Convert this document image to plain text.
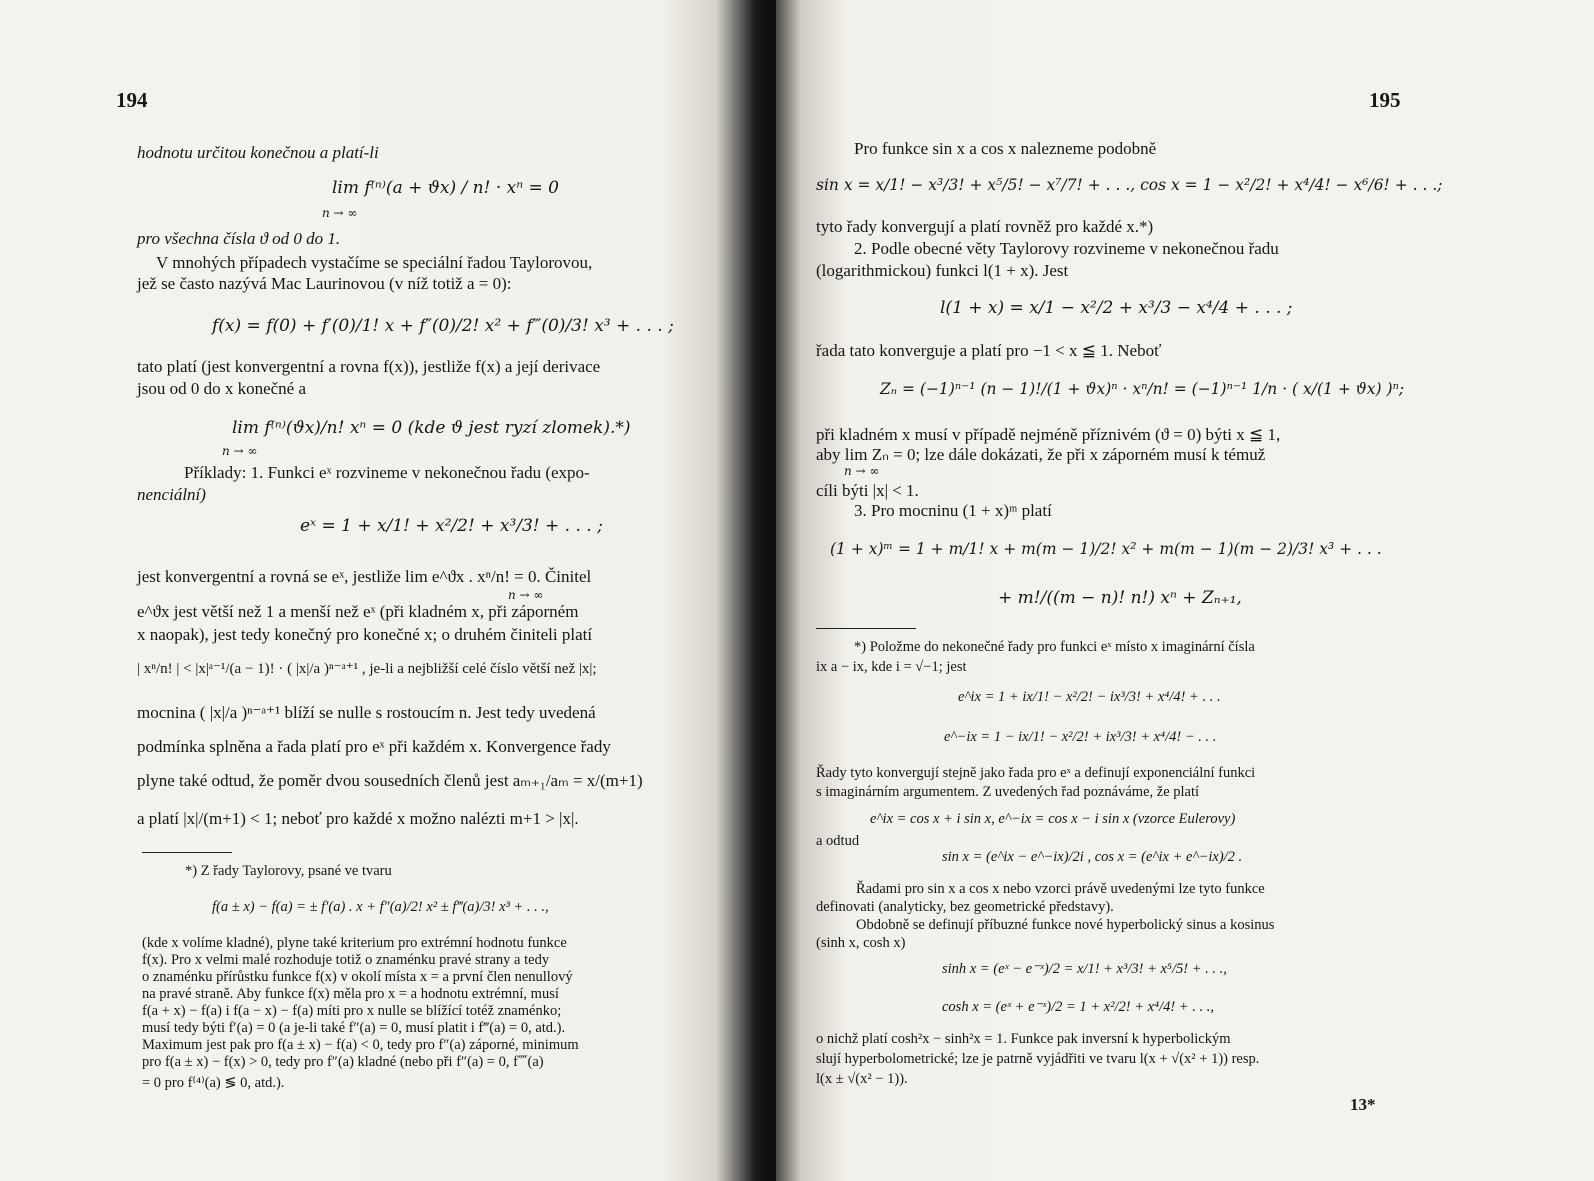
194
hodnotu určitou konečnou a platí-li
lim f⁽ⁿ⁾(a + ϑx) / n! · xⁿ = 0
n → ∞
pro všechna čísla ϑ od 0 do 1.
V mnohých případech vystačíme se speciální řadou Taylorovou,
jež se často nazývá Mac Laurinovou (v níž totiž a = 0):
f(x) = f(0) + f′(0)/1! x + f″(0)/2! x² + f‴(0)/3! x³ + . . . ;
tato platí (jest konvergentní a rovna f(x)), jestliže f(x) a její derivace
jsou od 0 do x konečné a
lim f⁽ⁿ⁾(ϑx)/n! xⁿ = 0 (kde ϑ jest ryzí zlomek).*)
n → ∞
Příklady: 1. Funkci eˣ rozvineme v nekonečnou řadu (expo-
nenciální)
eˣ = 1 + x/1! + x²/2! + x³/3! + . . . ;
jest konvergentní a rovná se eˣ, jestliže lim e^ϑx . xⁿ/n! = 0. Činitel
n → ∞
e^ϑx jest větší než 1 a menší než eˣ (při kladném x, při záporném
x naopak), jest tedy konečný pro konečné x; o druhém činiteli platí
| xⁿ/n! | < |x|ᵃ⁻¹/(a − 1)! · ( |x|/a )ⁿ⁻ᵃ⁺¹ , je-li a nejbližší celé číslo větší než |x|;
mocnina ( |x|/a )ⁿ⁻ᵃ⁺¹ blíží se nulle s rostoucím n. Jest tedy uvedená
podmínka splněna a řada platí pro eˣ při každém x. Konvergence řady
plyne také odtud, že poměr dvou sousedních členů jest aₘ₊₁/aₘ = x/(m+1)
a platí |x|/(m+1) < 1; neboť pro každé x možno nalézti m+1 > |x|.
*) Z řady Taylorovy, psané ve tvaru
f(a ± x) − f(a) = ± f′(a) . x + f″(a)/2! x² ± f‴(a)/3! x³ + . . .,
(kde x volíme kladné), plyne také kriterium pro extrémní hodnotu funkce
f(x). Pro x velmi malé rozhoduje totiž o znaménku pravé strany a tedy
o znaménku přírůstku funkce f(x) v okolí místa x = a první člen nenullový
na pravé straně. Aby funkce f(x) měla pro x = a hodnotu extrémní, musí
f(a + x) − f(a) i f(a − x) − f(a) míti pro x nulle se blížící totéž znaménko;
musí tedy býti f′(a) = 0 (a je-li také f″(a) = 0, musí platit i f‴(a) = 0, atd.).
Maximum jest pak pro f(a ± x) − f(a) < 0, tedy pro f″(a) záporné, minimum
pro f(a ± x) − f(x) > 0, tedy pro f″(a) kladné (nebo při f″(a) = 0, f⁗(a)
= 0 pro f⁽⁴⁾(a) ≶ 0, atd.).
195
Pro funkce sin x a cos x nalezneme podobně
sin x = x/1! − x³/3! + x⁵/5! − x⁷/7! + . . ., cos x = 1 − x²/2! + x⁴/4! − x⁶/6! + . . .;
tyto řady konvergují a platí rovněž pro každé x.*)
2. Podle obecné věty Taylorovy rozvineme v nekonečnou řadu
(logarithmickou) funkci l(1 + x). Jest
l(1 + x) = x/1 − x²/2 + x³/3 − x⁴/4 + . . . ;
řada tato konverguje a platí pro −1 < x ≦ 1. Neboť
Zₙ = (−1)ⁿ⁻¹ (n − 1)!/(1 + ϑx)ⁿ · xⁿ/n! = (−1)ⁿ⁻¹ 1/n · ( x/(1 + ϑx) )ⁿ;
při kladném x musí v případě nejméně příznivém (ϑ = 0) býti x ≦ 1,
aby lim Zₙ = 0; lze dále dokázati, že při x záporném musí k témuž
n → ∞
cíli býti |x| < 1.
3. Pro mocninu (1 + x)ᵐ platí
(1 + x)ᵐ = 1 + m/1! x + m(m − 1)/2! x² + m(m − 1)(m − 2)/3! x³ + . . .
+ m!/((m − n)! n!) xⁿ + Zₙ₊₁,
*) Položme do nekonečné řady pro funkci eˣ místo x imaginární čísla
ix a − ix, kde i = √−1; jest
e^ix = 1 + ix/1! − x²/2! − ix³/3! + x⁴/4! + . . .
e^−ix = 1 − ix/1! − x²/2! + ix³/3! + x⁴/4! − . . .
Řady tyto konvergují stejně jako řada pro eˣ a definují exponenciální funkci
s imaginárním argumentem. Z uvedených řad poznáváme, že platí
e^ix = cos x + i sin x, e^−ix = cos x − i sin x (vzorce Eulerovy)
a odtud
sin x = (e^ix − e^−ix)/2i , cos x = (e^ix + e^−ix)/2 .
Řadami pro sin x a cos x nebo vzorci právě uvedenými lze tyto funkce
definovati (analyticky, bez geometrické představy).
Obdobně se definují příbuzné funkce nové hyperbolický sinus a kosinus
(sinh x, cosh x)
sinh x = (eˣ − e⁻ˣ)/2 = x/1! + x³/3! + x⁵/5! + . . .,
cosh x = (eˣ + e⁻ˣ)/2 = 1 + x²/2! + x⁴/4! + . . .,
o nichž platí cosh²x − sinh²x = 1. Funkce pak inversní k hyperbolickým
slují hyperbolometrické; lze je patrně vyjádřiti ve tvaru l(x + √(x² + 1)) resp.
l(x ± √(x² − 1)).
13*
